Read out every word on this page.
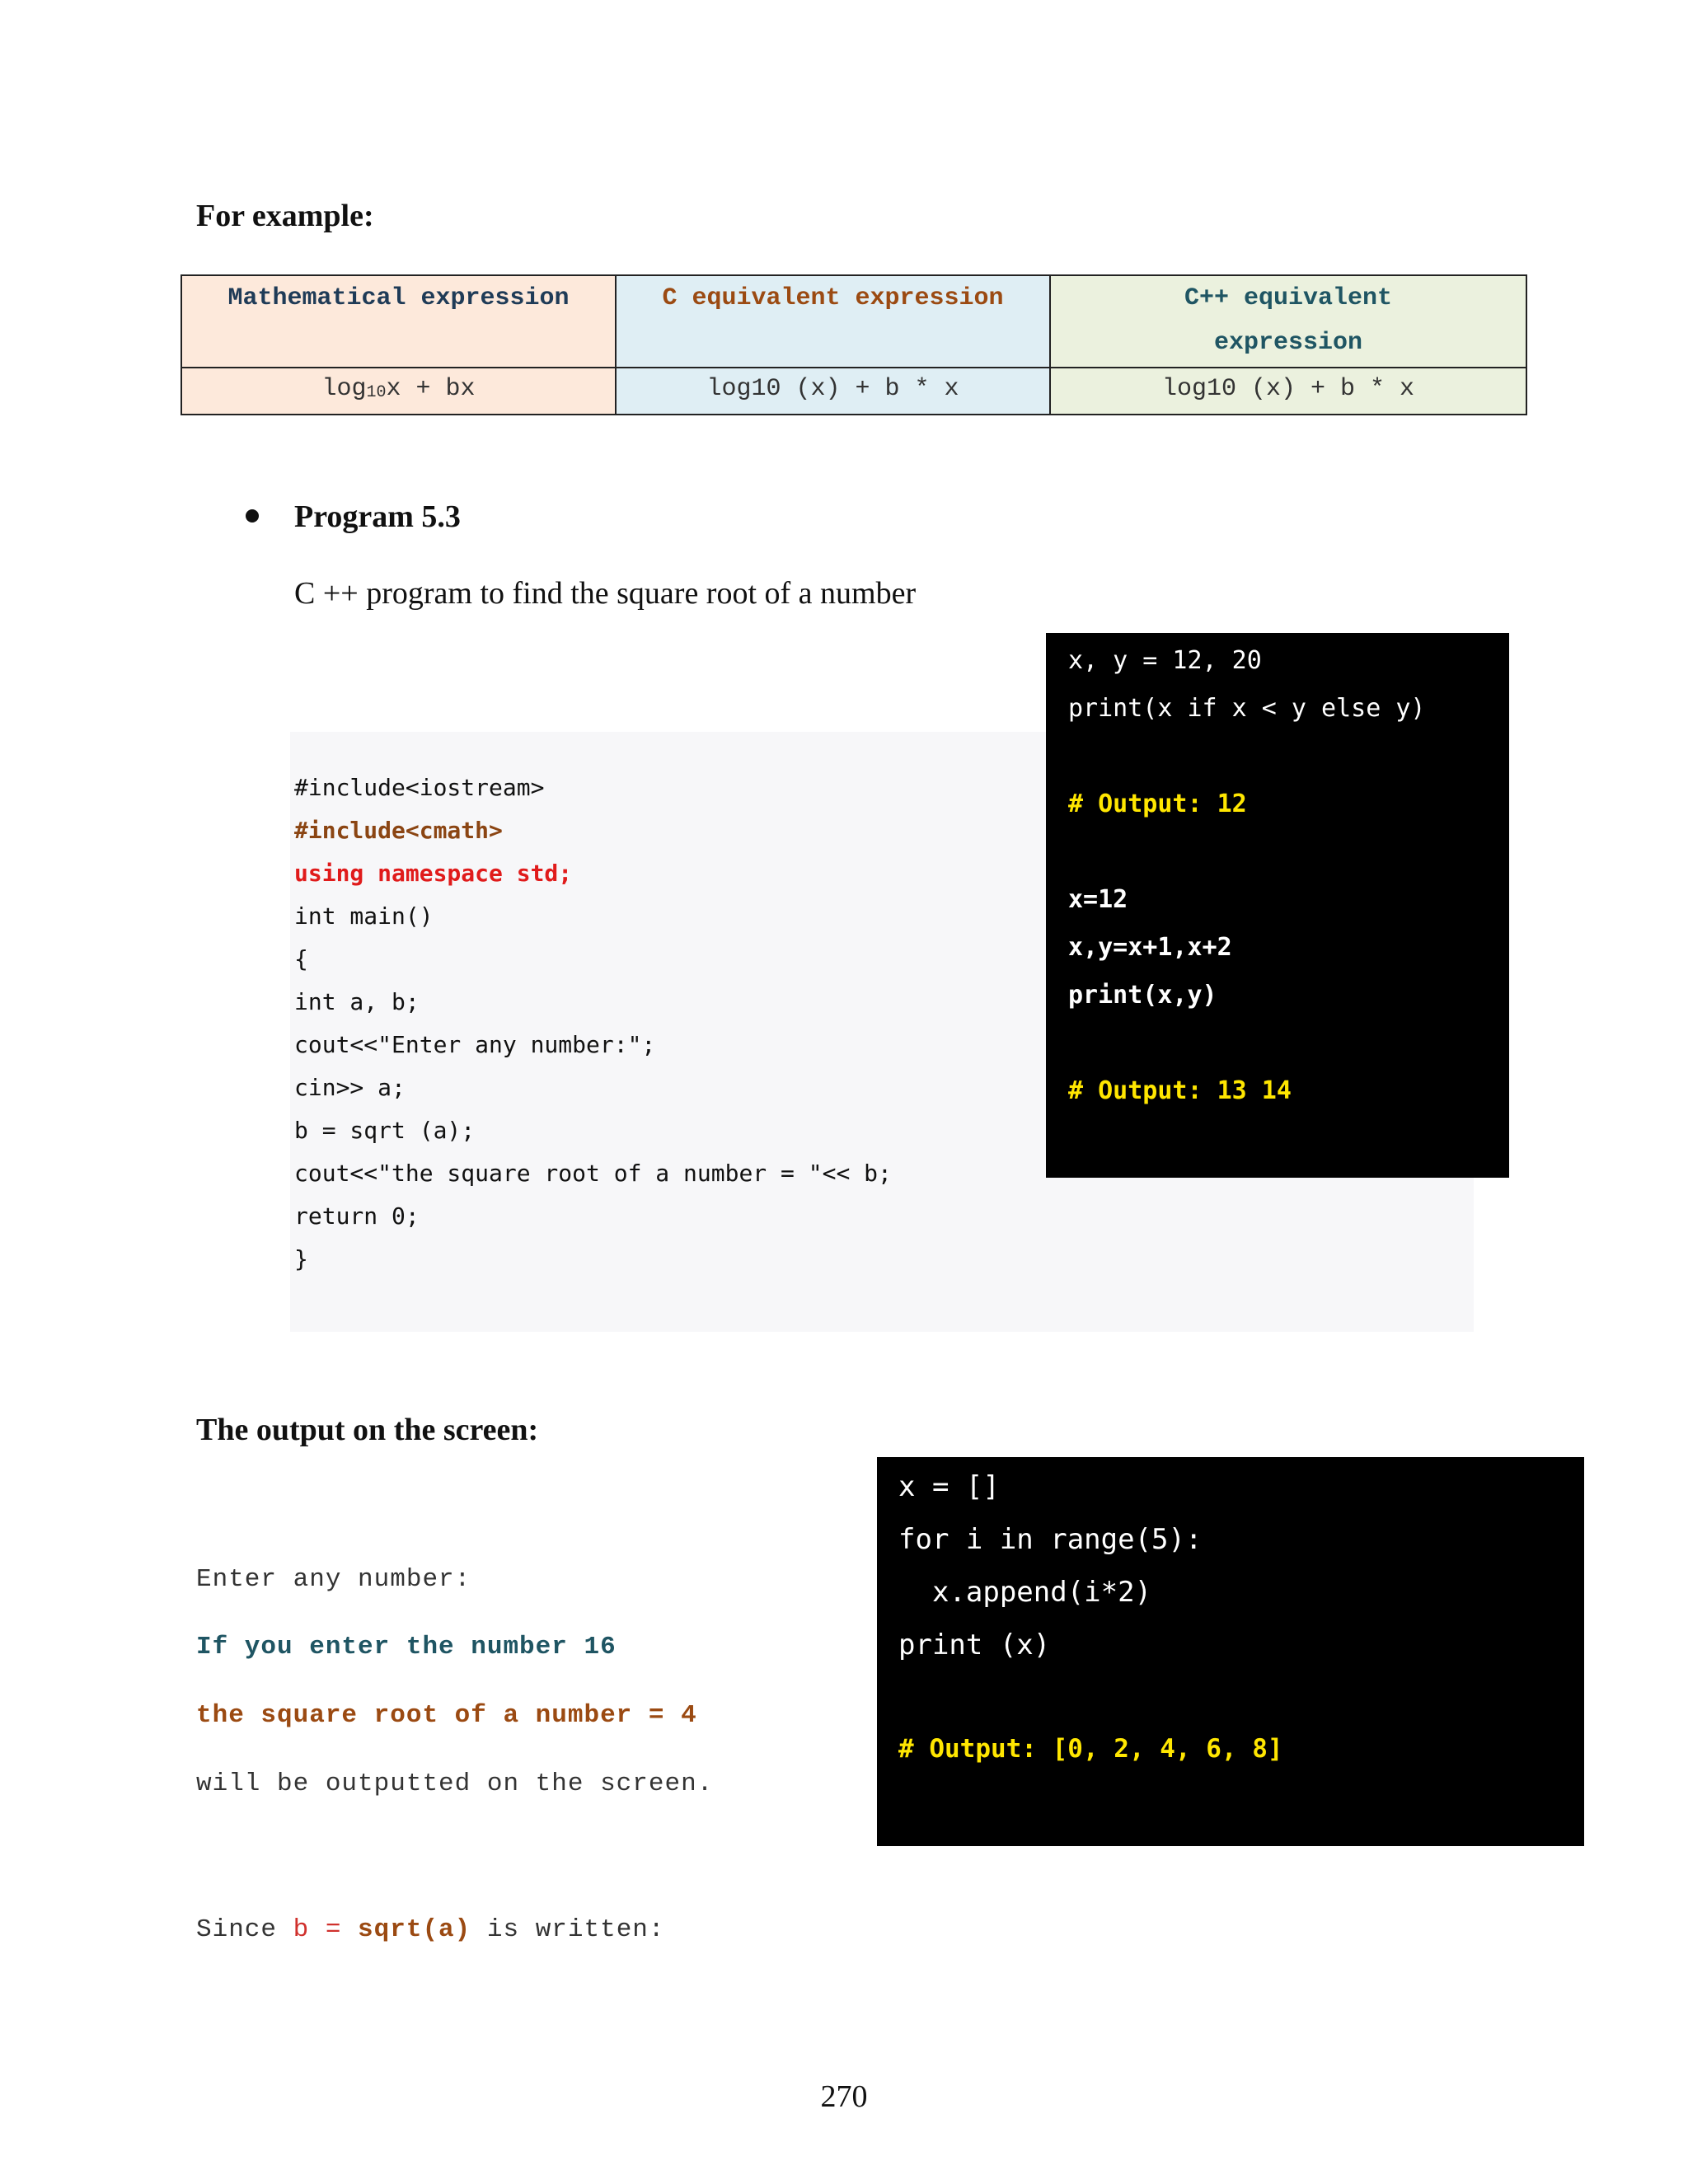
For example:
Mathematical expression	C equivalent expression	C++ equivalent
expression
$\log_{10}x$ + bx	log10 (x) + b * x	log10 (x) + b * x
Program 5.3
C ++ program to find the square root of a number
#include<iostream>
#include<cmath>
using namespace std;
int main()
{
int a, b;
cout<<"Enter any number:";
cin>> a;
b = sqrt (a);
cout<<"the square root of a number = "<< b;
return 0;
}
x, y = 12, 20
print(x if x < y else y)
# Output: 12
x=12
x,y=x+1,x+2
print(x,y)
# Output: 13 14
The output on the screen:
Enter any number:
If you enter the number 16
the square root of a number = 4
will be outputted on the screen.
Since b = sqrt(a) is written:
x = []
for i in range(5):
x.append(i*2)
print (x)
# Output: [0, 2, 4, 6, 8]
270
